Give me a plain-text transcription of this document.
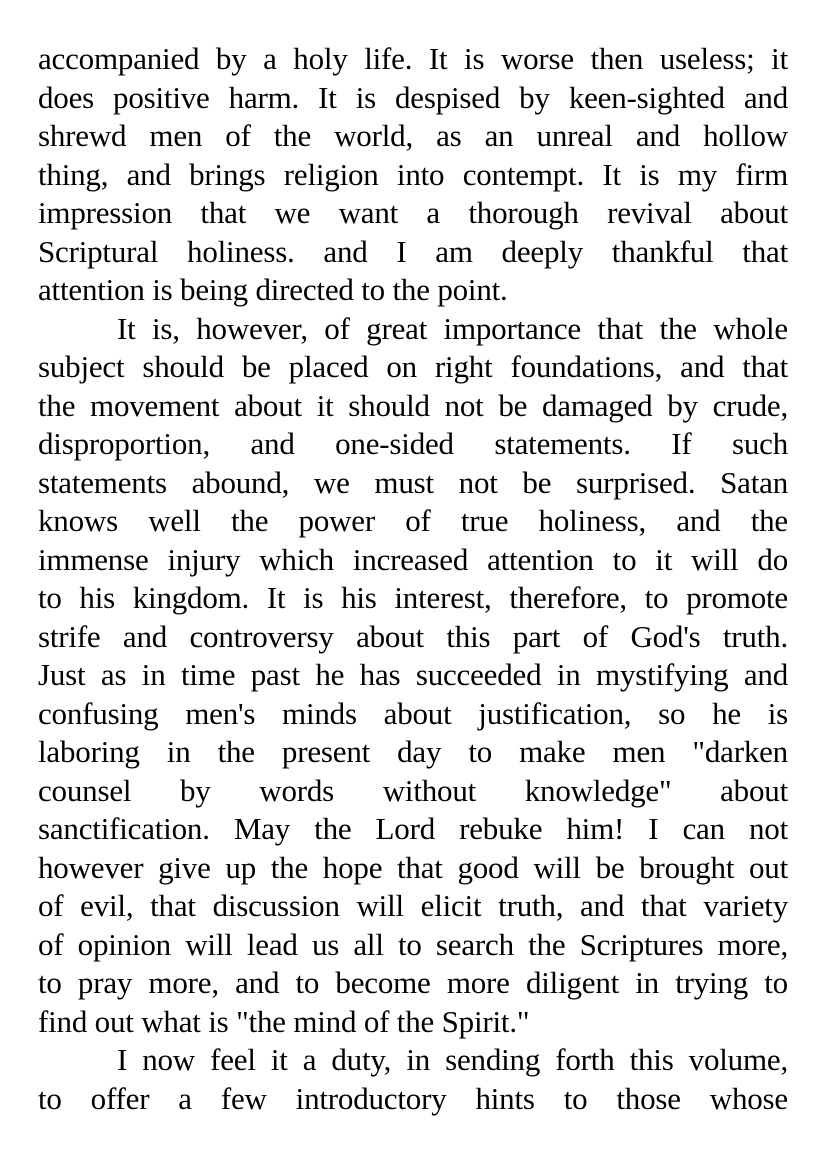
accompanied by a holy life. It is worse then useless; it
does positive harm. It is despised by keen-sighted and
shrewd men of the world, as an unreal and hollow
thing, and brings religion into contempt. It is my firm
impression that we want a thorough revival about
Scriptural holiness. and I am deeply thankful that
attention is being directed to the point.
It is, however, of great importance that the whole
subject should be placed on right foundations, and that
the movement about it should not be damaged by crude,
disproportion, and one-sided statements. If such
statements abound, we must not be surprised. Satan
knows well the power of true holiness, and the
immense injury which increased attention to it will do
to his kingdom. It is his interest, therefore, to promote
strife and controversy about this part of God's truth.
Just as in time past he has succeeded in mystifying and
confusing men's minds about justification, so he is
laboring in the present day to make men "darken
counsel by words without knowledge" about
sanctification. May the Lord rebuke him! I can not
however give up the hope that good will be brought out
of evil, that discussion will elicit truth, and that variety
of opinion will lead us all to search the Scriptures more,
to pray more, and to become more diligent in trying to
find out what is "the mind of the Spirit."
I now feel it a duty, in sending forth this volume,
to offer a few introductory hints to those whose
